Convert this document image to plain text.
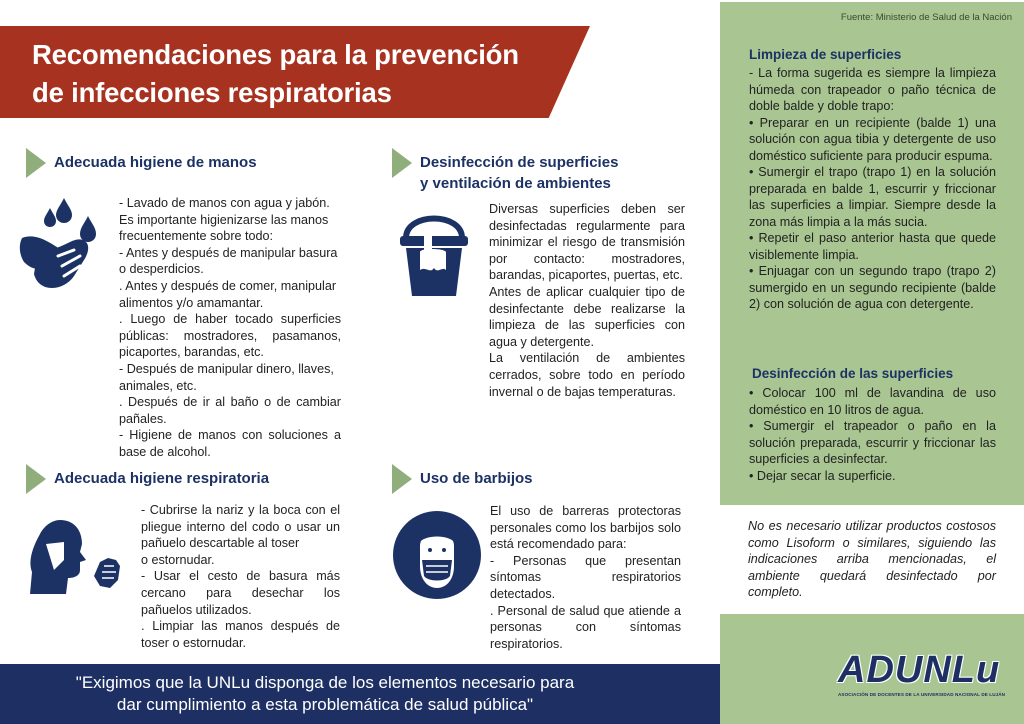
Recomendaciones para la prevención
de infecciones respiratorias
Adecuada higiene de manos

- Lavado de manos con agua y jabón.

Es importante higienizarse las manos frecuentemente sobre todo:

- Antes y después de manipular basura o desperdicios.

. Antes y después de comer, manipular alimentos y/o amamantar.

. Luego de haber tocado superficies públicas: mostradores, pasamanos, picaportes, barandas, etc.

- Después de manipular dinero, llaves, animales, etc.

. Después de ir al baño o de cambiar pañales.

- Higiene de manos con soluciones a base de alcohol.

Desinfección de superficies
y ventilación de ambientes

Diversas superficies deben ser desinfectadas regularmente para minimizar el riesgo de transmisión por contacto: mostradores, barandas, picaportes, puertas, etc.

Antes de aplicar cualquier tipo de desinfectante debe realizarse la limpieza de las superficies con agua y detergente.

La ventilación de ambientes cerrados, sobre todo en período invernal o de bajas temperaturas.

Adecuada higiene respiratoria

- Cubrirse la nariz y la boca con el pliegue interno del codo o usar un pañuelo descartable al toser

o estornudar.

- Usar el cesto de basura más cercano para desechar los pañuelos utilizados.

. Limpiar las manos después de toser o estornudar.

Uso de barbijos

El uso de barreras protectoras personales como los barbijos solo está recomendado para:

- Personas que presentan síntomas respiratorios detectados.

. Personal de salud que atiende a personas con síntomas respiratorios.

Fuente: Ministerio de Salud de la Nación
Limpieza de superficies

- La forma sugerida es siempre la limpieza húmeda con trapeador o paño técnica de doble balde y doble trapo:

• Preparar en un recipiente (balde 1) una solución con agua tibia y detergente de uso doméstico suficiente para producir espuma.

• Sumergir el trapo (trapo 1) en la solución preparada en balde 1, escurrir y friccionar las superficies a limpiar. Siempre desde la zona más limpia a la más sucia.

• Repetir el paso anterior hasta que quede visiblemente limpia.

• Enjuagar con un segundo trapo (trapo 2) sumergido en un segundo recipiente (balde 2) con solución de agua con detergente.

Desinfección de las superficies

• Colocar 100 ml de lavandina de uso doméstico en 10 litros de agua.

• Sumergir el trapeador o paño en la solución preparada, escurrir y friccionar las superficies a desinfectar.

• Dejar secar la superficie.

No es necesario utilizar productos costosos como Lisoform o similares, siguiendo las indicaciones arriba mencionadas, el ambiente quedará desinfectado por completo.
"Exigimos que la UNLu disponga de los elementos necesario para
dar cumplimiento a esta problemática de salud pública"
ADUNLu
ASOCIACIÓN DE DOCENTES DE LA UNIVERSIDAD NACIONAL DE LUJÁN
